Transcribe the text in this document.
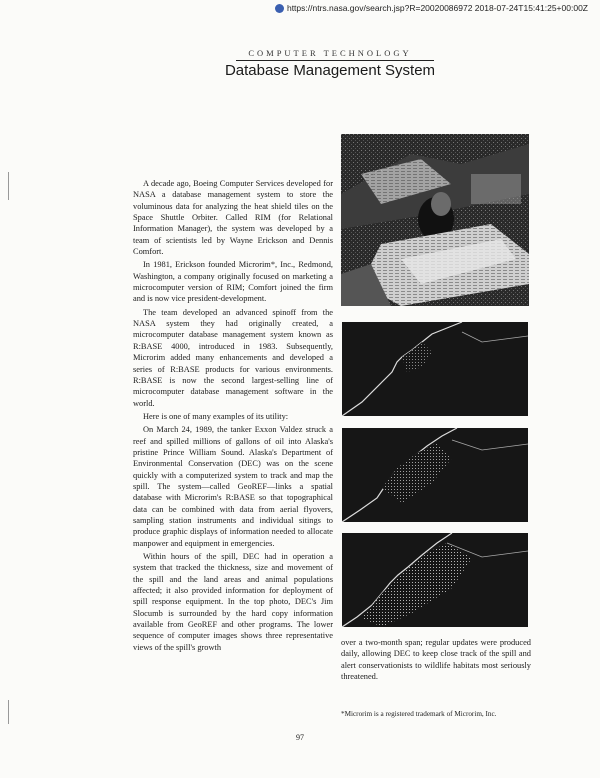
https://ntrs.nasa.gov/search.jsp?R=20020086972 2018-07-24T15:41:25+00:00Z
COMPUTER TECHNOLOGY
Database Management System

A decade ago, Boeing Computer Services developed for NASA a database management system to store the voluminous data for analyzing the heat shield tiles on the Space Shuttle Orbiter. Called RIM (for Relational Information Manager), the system was developed by a team of scientists led by Wayne Erickson and Dennis Comfort.

In 1981, Erickson founded Microrim*, Inc., Redmond, Washington, a company originally focused on marketing a microcomputer version of RIM; Comfort joined the firm and is now vice president-development.

The team developed an advanced spinoff from the NASA system they had originally created, a microcomputer database management system known as R:BASE 4000, introduced in 1983. Subsequently, Microrim added many enhancements and developed a series of R:BASE products for various environments. R:BASE is now the second largest-selling line of microcomputer database management software in the world.

Here is one of many examples of its utility:

On March 24, 1989, the tanker Exxon Valdez struck a reef and spilled millions of gallons of oil into Alaska's pristine Prince William Sound. Alaska's Department of Environmental Conservation (DEC) was on the scene quickly with a computerized system to track and map the spill. The system—called GeoREF—links a spatial database with Microrim's R:BASE so that topographical data can be combined with data from aerial flyovers, sampling station instruments and individual sitings to produce graphic displays of information needed to allocate manpower and equipment in emergencies.

Within hours of the spill, DEC had in operation a system that tracked the thickness, size and movement of the spill and the land areas and animal populations affected; it also provided information for deployment of spill response equipment. In the top photo, DEC's Jim Slocumb is surrounded by the hard copy information available from GeoREF and other programs. The lower sequence of computer images shows three representative views of the spill's growth

over a two-month span; regular updates were produced daily, allowing DEC to keep close track of the spill and alert conservationists to wildlife habitats most seriously threatened.

*Microrim is a registered trademark of Microrim, Inc.
97
